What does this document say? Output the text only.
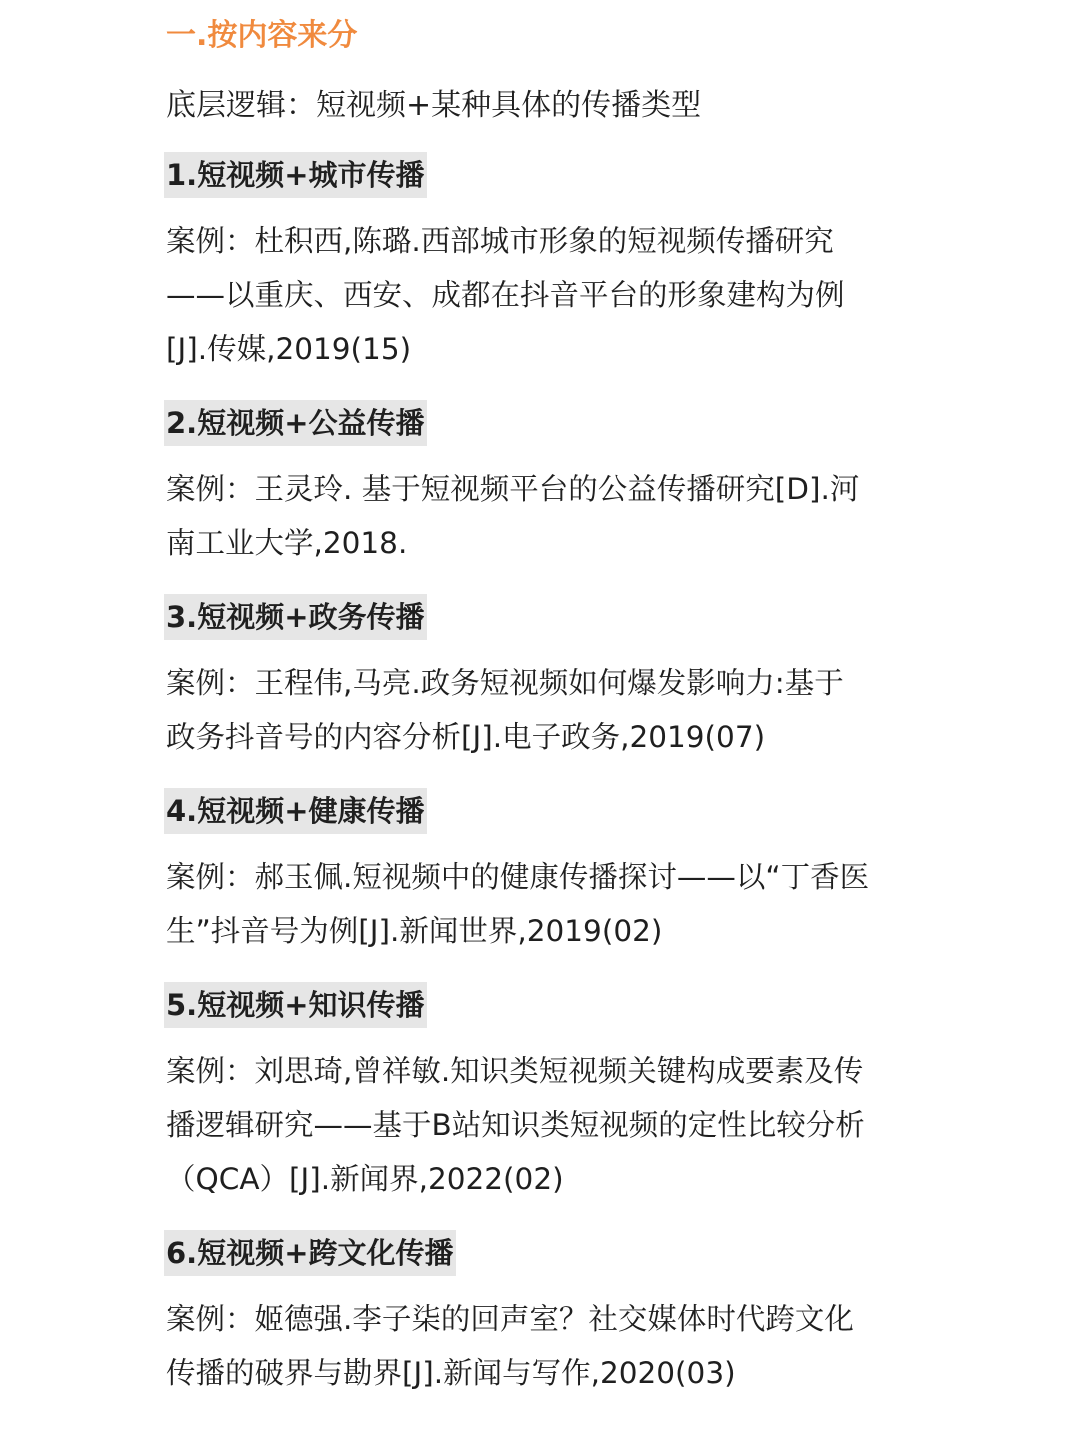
一.按内容来分
底层逻辑：短视频+某种具体的传播类型
1.短视频+城市传播
案例：杜积西,陈璐.西部城市形象的短视频传播研究
——以重庆、西安、成都在抖音平台的形象建构为例
[J].传媒,2019(15)
2.短视频+公益传播
案例：王灵玲. 基于短视频平台的公益传播研究[D].河
南工业大学,2018.
3.短视频+政务传播
案例：王程伟,马亮.政务短视频如何爆发影响力:基于
政务抖音号的内容分析[J].电子政务,2019(07)
4.短视频+健康传播
案例：郝玉佩.短视频中的健康传播探讨——以“丁香医
生”抖音号为例[J].新闻世界,2019(02)
5.短视频+知识传播
案例：刘思琦,曾祥敏.知识类短视频关键构成要素及传
播逻辑研究——基于B站知识类短视频的定性比较分析
（QCA）[J].新闻界,2022(02)
6.短视频+跨文化传播
案例：姬德强.李子柒的回声室？社交媒体时代跨文化
传播的破界与勘界[J].新闻与写作,2020(03)
